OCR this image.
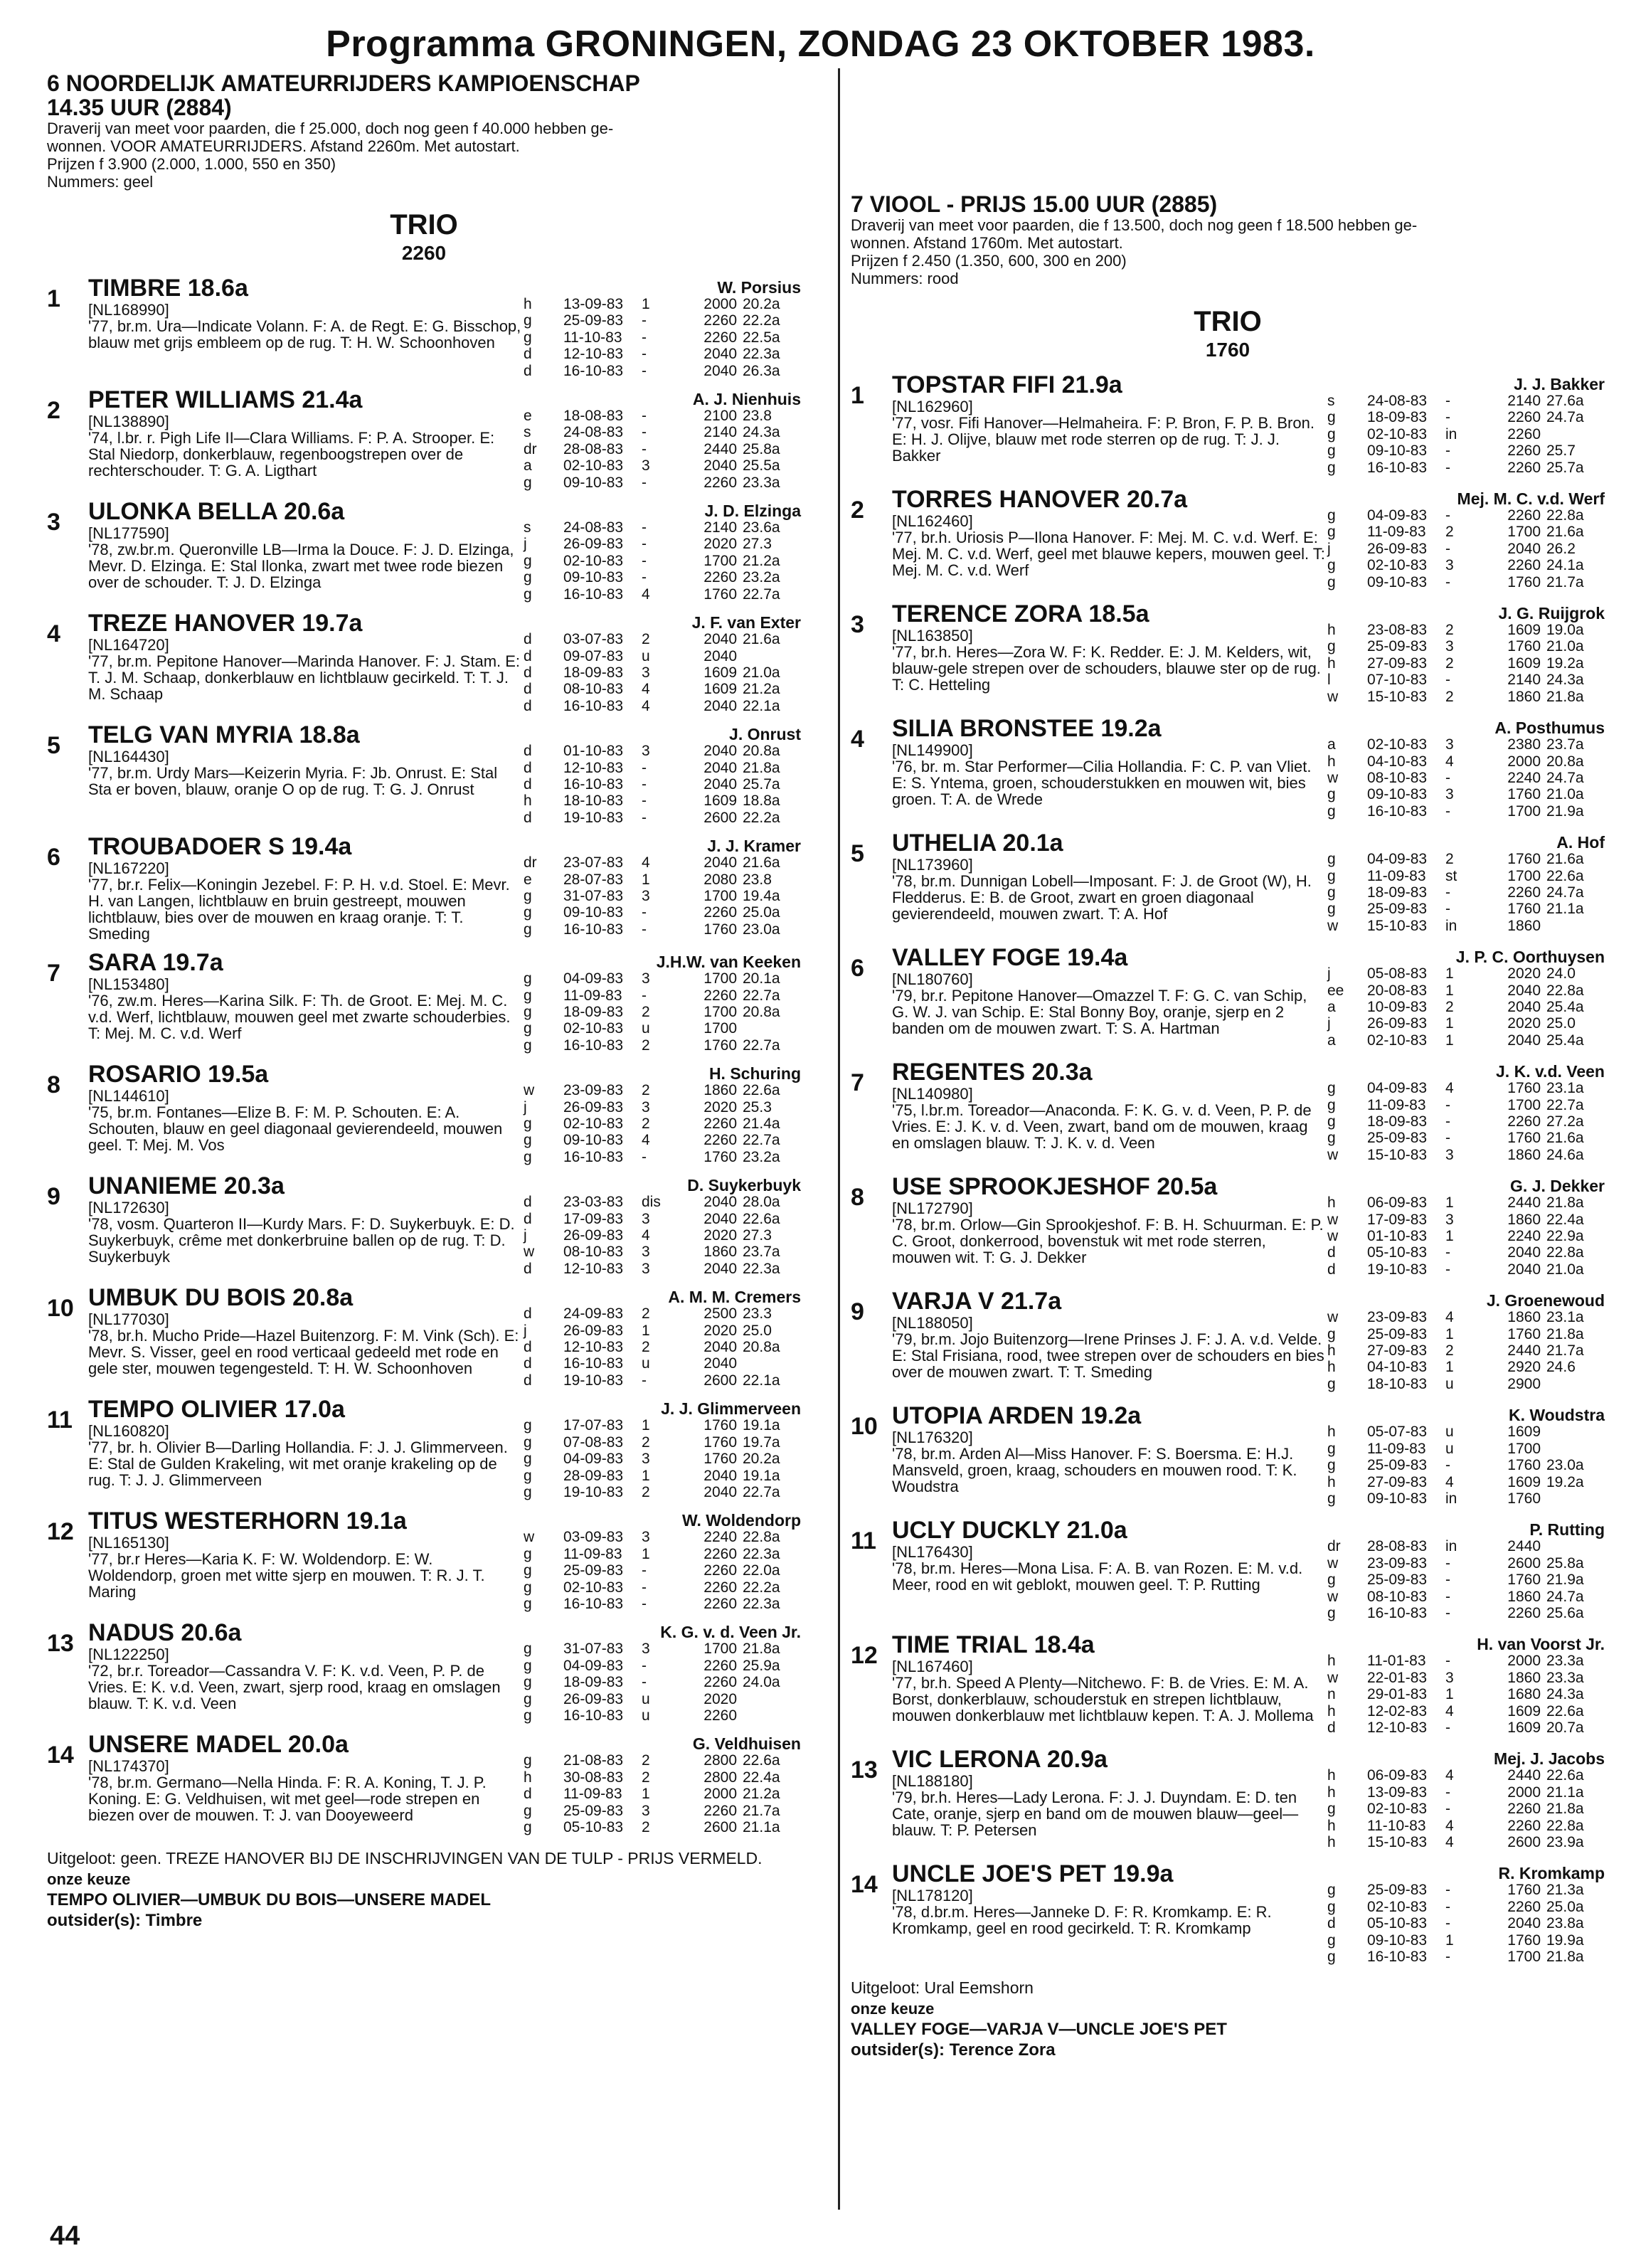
Programma GRONINGEN, ZONDAG 23 OKTOBER 1983.
6 NOORDELIJK AMATEURRIJDERS KAMPIOENSCHAP
14.35 UUR (2884)
Draverij van meet voor paarden, die f 25.000, doch nog geen f 40.000 hebben ge-
wonnen. VOOR AMATEURRIJDERS. Afstand 2260m. Met autostart.
Prijzen f 3.900 (2.000, 1.000, 550 en 350)
Nummers: geel
TRIO
2260
1	TIMBRE 18.6a
[NL168990]
'77, br.m. Ura—Indicate Volann. F: A. de Regt. E: G. Bisschop, blauw met grijs embleem op de rug. T: H. W. Schoonhoven
W. Porsius
h	13-09-83	1	2000 20.2a
g	25-09-83	-	2260 22.2a
g	11-10-83	-	2260 22.5a
d	12-10-83	-	2040 22.3a
d	16-10-83	-	2040 26.3a
2	PETER WILLIAMS 21.4a
[NL138890]
'74, l.br. r. Pigh Life II—Clara Williams. F: P. A. Strooper. E: Stal Niedorp, donkerblauw, regenboogstrepen over de rechterschouder. T: G. A. Ligthart
A. J. Nienhuis
e	18-08-83	-	2100 23.8
s	24-08-83	-	2140 24.3a
dr	28-08-83	-	2440 25.8a
a	02-10-83	3	2040 25.5a
g	09-10-83	-	2260 23.3a
3	ULONKA BELLA 20.6a
[NL177590]
'78, zw.br.m. Queronville LB—Irma la Douce. F: J. D. Elzinga, Mevr. D. Elzinga. E: Stal Ilonka, zwart met twee rode biezen over de schouder. T: J. D. Elzinga
J. D. Elzinga
s	24-08-83	-	2140 23.6a
j	26-09-83	-	2020 27.3
g	02-10-83	-	1700 21.2a
g	09-10-83	-	2260 23.2a
g	16-10-83	4	1760 22.7a
4	TREZE HANOVER 19.7a
[NL164720]
'77, br.m. Pepitone Hanover—Marinda Hanover. F: J. Stam. E: T. J. M. Schaap, donkerblauw en lichtblauw gecirkeld. T: T. J. M. Schaap
J. F. van Exter
d	03-07-83	2	2040 21.6a
d	09-07-83	u	2040
d	18-09-83	3	1609 21.0a
d	08-10-83	4	1609 21.2a
d	16-10-83	4	2040 22.1a
5	TELG VAN MYRIA 18.8a
[NL164430]
'77, br.m. Urdy Mars—Keizerin Myria. F: Jb. Onrust. E: Stal Sta er boven, blauw, oranje O op de rug. T: G. J. Onrust
J. Onrust
d	01-10-83	3	2040 20.8a
d	12-10-83	-	2040 21.8a
d	16-10-83	-	2040 25.7a
h	18-10-83	-	1609 18.8a
d	19-10-83	-	2600 22.2a
6	TROUBADOER S 19.4a
[NL167220]
'77, br.r. Felix—Koningin Jezebel. F: P. H. v.d. Stoel. E: Mevr. H. van Langen, lichtblauw en bruin gestreept, mouwen lichtblauw, bies over de mouwen en kraag oranje. T: T. Smeding
J. J. Kramer
dr	23-07-83	4	2040 21.6a
e	28-07-83	1	2080 23.8
g	31-07-83	3	1700 19.4a
g	09-10-83	-	2260 25.0a
g	16-10-83	-	1760 23.0a
7	SARA 19.7a
[NL153480]
'76, zw.m. Heres—Karina Silk. F: Th. de Groot. E: Mej. M. C. v.d. Werf, lichtblauw, mouwen geel met zwarte schouderbies. T: Mej. M. C. v.d. Werf
J.H.W. van Keeken
g	04-09-83	3	1700 20.1a
g	11-09-83	-	2260 22.7a
g	18-09-83	2	1700 20.8a
g	02-10-83	u	1700
g	16-10-83	2	1760 22.7a
8	ROSARIO 19.5a
[NL144610]
'75, br.m. Fontanes—Elize B. F: M. P. Schouten. E: A. Schouten, blauw en geel diagonaal gevierendeeld, mouwen geel. T: Mej. M. Vos
H. Schuring
w	23-09-83	2	1860 22.6a
j	26-09-83	3	2020 25.3
g	02-10-83	2	2260 21.4a
g	09-10-83	4	2260 22.7a
g	16-10-83	-	1760 23.2a
9	UNANIEME 20.3a
[NL172630]
'78, vosm. Quarteron II—Kurdy Mars. F: D. Suykerbuyk. E: D. Suykerbuyk, crême met donkerbruine ballen op de rug. T: D. Suykerbuyk
D. Suykerbuyk
d	23-03-83	dis	2040 28.0a
d	17-09-83	3	2040 22.6a
j	26-09-83	4	2020 27.3
w	08-10-83	3	1860 23.7a
d	12-10-83	3	2040 22.3a
10 UMBUK DU BOIS 20.8a
[NL177030]
'78, br.h. Mucho Pride—Hazel Buitenzorg. F: M. Vink (Sch). E: Mevr. S. Visser, geel en rood verticaal gedeeld met rode en gele ster, mouwen tegengesteld. T: H. W. Schoonhoven
A. M. M. Cremers
d	24-09-83	2	2500 23.3
j	26-09-83	1	2020 25.0
d	12-10-83	2	2040 20.8a
d	16-10-83	u	2040
d	19-10-83	-	2600 22.1a
11 TEMPO OLIVIER 17.0a
[NL160820]
'77, br. h. Olivier B—Darling Hollandia. F: J. J. Glimmerveen. E: Stal de Gulden Krakeling, wit met oranje krakeling op de rug. T: J. J. Glimmerveen
J. J. Glimmerveen
g	17-07-83	1	1760 19.1a
g	07-08-83	2	1760 19.7a
g	04-09-83	3	1760 20.2a
g	28-09-83	1	2040 19.1a
g	19-10-83	2	2040 22.7a
12 TITUS WESTERHORN 19.1a
[NL165130]
'77, br.r Heres—Karia K. F: W. Woldendorp. E: W. Woldendorp, groen met witte sjerp en mouwen. T: R. J. T. Maring
W. Woldendorp
w	03-09-83	3	2240 22.8a
g	11-09-83	1	2260 22.3a
g	25-09-83	-	2260 22.0a
g	02-10-83	-	2260 22.2a
g	16-10-83	-	2260 22.3a
13 NADUS 20.6a
[NL122250]
'72, br.r. Toreador—Cassandra V. F: K. v.d. Veen, P. P. de Vries. E: K. v.d. Veen, zwart, sjerp rood, kraag en omslagen blauw. T: K. v.d. Veen
K. G. v. d. Veen Jr.
g	31-07-83	3	1700 21.8a
g	04-09-83	-	2260 25.9a
g	18-09-83	-	2260 24.0a
g	26-09-83	u	2020
g	16-10-83	u	2260
14 UNSERE MADEL 20.0a
[NL174370]
'78, br.m. Germano—Nella Hinda. F: R. A. Koning, T. J. P. Koning. E: G. Veldhuisen, wit met geel—rode strepen en biezen over de mouwen. T: J. van Dooyeweerd
G. Veldhuisen
g	21-08-83	2	2800 22.6a
h	30-08-83	2	2800 22.4a
d	11-09-83	1	2000 21.2a
g	25-09-83	3	2260 21.7a
g	05-10-83	2	2600 21.1a
Uitgeloot: geen. TREZE HANOVER BIJ DE INSCHRIJVINGEN VAN DE TULP - PRIJS VERMELD.
onze keuze
TEMPO OLIVIER—UMBUK DU BOIS—UNSERE MADEL
outsider(s): Timbre
7 VIOOL - PRIJS 15.00 UUR (2885)
Draverij van meet voor paarden, die f 13.500, doch nog geen f 18.500 hebben ge-
wonnen. Afstand 1760m. Met autostart.
Prijzen f 2.450 (1.350, 600, 300 en 200)
Nummers: rood
TRIO
1760
1	TOPSTAR FIFI 21.9a
[NL162960]
'77, vosr. Fifi Hanover—Helmaheira. F: P. Bron, F. P. B. Bron. E: H. J. Olijve, blauw met rode sterren op de rug. T: J. J. Bakker
J. J. Bakker
s	24-08-83	-	2140 27.6a
g	18-09-83	-	2260 24.7a
g	02-10-83	in	2260
g	09-10-83	-	2260 25.7
g	16-10-83	-	2260 25.7a
2	TORRES HANOVER 20.7a
[NL162460]
'77, br.h. Uriosis P—Ilona Hanover. F: Mej. M. C. v.d. Werf. E: Mej. M. C. v.d. Werf, geel met blauwe kepers, mouwen geel. T: Mej. M. C. v.d. Werf
Mej. M. C. v.d. Werf
g	04-09-83	-	2260 22.8a
g	11-09-83	2	1700 21.6a
j	26-09-83	-	2040 26.2
g	02-10-83	3	2260 24.1a
g	09-10-83	-	1760 21.7a
3	TERENCE ZORA 18.5a
[NL163850]
'77, br.h. Heres—Zora W. F: K. Redder. E: J. M. Kelders, wit, blauw-gele strepen over de schouders, blauwe ster op de rug. T: C. Hetteling
J. G. Ruijgrok
h	23-08-83	2	1609 19.0a
g	25-09-83	3	1760 21.0a
h	27-09-83	2	1609 19.2a
l	07-10-83	-	2140 24.3a
w	15-10-83	2	1860 21.8a
4	SILIA BRONSTEE 19.2a
[NL149900]
'76, br. m. Star Performer—Cilia Hollandia. F: C. P. van Vliet. E: S. Yntema, groen, schouderstukken en mouwen wit, bies groen. T: A. de Wrede
A. Posthumus
a	02-10-83	3	2380 23.7a
h	04-10-83	4	2000 20.8a
w	08-10-83	-	2240 24.7a
g	09-10-83	3	1760 21.0a
g	16-10-83	-	1700 21.9a
5	UTHELIA 20.1a
[NL173960]
'78, br.m. Dunnigan Lobell—Imposant. F: J. de Groot (W), H. Fledderus. E: B. de Groot, zwart en groen diagonaal gevierendeeld, mouwen zwart. T: A. Hof
A. Hof
g	04-09-83	2	1760 21.6a
g	11-09-83	st	1700 22.6a
g	18-09-83	-	2260 24.7a
g	25-09-83	-	1760 21.1a
w	15-10-83	in	1860
6	VALLEY FOGE 19.4a
[NL180760]
'79, br.r. Pepitone Hanover—Omazzel T. F: G. C. van Schip, G. W. J. van Schip. E: Stal Bonny Boy, oranje, sjerp en 2 banden om de mouwen zwart. T: S. A. Hartman
J. P. C. Oorthuysen
j	05-08-83	1	2020 24.0
ee	20-08-83	1	2040 22.8a
a	10-09-83	2	2040 25.4a
j	26-09-83	1	2020 25.0
a	02-10-83	1	2040 25.4a
7	REGENTES 20.3a
[NL140980]
'75, l.br.m. Toreador—Anaconda. F: K. G. v. d. Veen, P. P. de Vries. E: J. K. v. d. Veen, zwart, band om de mouwen, kraag en omslagen blauw. T: J. K. v. d. Veen
J. K. v.d. Veen
g	04-09-83	4	1760 23.1a
g	11-09-83	-	1700 22.7a
g	18-09-83	-	2260 27.2a
g	25-09-83	-	1760 21.6a
w	15-10-83	3	1860 24.6a
8	USE SPROOKJESHOF 20.5a
[NL172790]
'78, br.m. Orlow—Gin Sprookjeshof. F: B. H. Schuurman. E: P. C. Groot, donkerrood, bovenstuk wit met rode sterren, mouwen wit. T: G. J. Dekker
G. J. Dekker
h	06-09-83	1	2440 21.8a
w	17-09-83	3	1860 22.4a
w	01-10-83	1	2240 22.9a
d	05-10-83	-	2040 22.8a
d	19-10-83	-	2040 21.0a
9	VARJA V 21.7a
[NL188050]
'79, br.m. Jojo Buitenzorg—Irene Prinses J. F: J. A. v.d. Velde. E: Stal Frisiana, rood, twee strepen over de schouders en bies over de mouwen zwart. T: T. Smeding
J. Groenewoud
w	23-09-83	4	1860 23.1a
g	25-09-83	1	1760 21.8a
h	27-09-83	2	2440 21.7a
h	04-10-83	1	2920 24.6
g	18-10-83	u	2900
10 UTOPIA ARDEN 19.2a
[NL176320]
'78, br.m. Arden Al—Miss Hanover. F: S. Boersma. E: H.J. Mansveld, groen, kraag, schouders en mouwen rood. T: K. Woudstra
K. Woudstra
h	05-07-83	u	1609
g	11-09-83	u	1700
g	25-09-83	-	1760 23.0a
h	27-09-83	4	1609 19.2a
g	09-10-83	in	1760
11 UCLY DUCKLY 21.0a
[NL176430]
'78, br.m. Heres—Mona Lisa. F: A. B. van Rozen. E: M. v.d. Meer, rood en wit geblokt, mouwen geel. T: P. Rutting
P. Rutting
dr	28-08-83	in	2440
w	23-09-83	-	2600 25.8a
g	25-09-83	-	1760 21.9a
w	08-10-83	-	1860 24.7a
g	16-10-83	-	2260 25.6a
12 TIME TRIAL 18.4a
[NL167460]
'77, br.h. Speed A Plenty—Nitchewo. F: B. de Vries. E: M. A. Borst, donkerblauw, schouderstuk en strepen lichtblauw, mouwen donkerblauw met lichtblauw kepen. T: A. J. Mollema
H. van Voorst Jr.
h	11-01-83	-	2000 23.3a
w	22-01-83	3	1860 23.3a
n	29-01-83	1	1680 24.3a
h	12-02-83	4	1609 22.6a
d	12-10-83	-	1609 20.7a
13 VIC LERONA 20.9a
[NL188180]
'79, br.h. Heres—Lady Lerona. F: J. J. Duyndam. E: D. ten Cate, oranje, sjerp en band om de mouwen blauw—geel—blauw. T: P. Petersen
Mej. J. Jacobs
h	06-09-83	4	2440 22.6a
h	13-09-83	-	2000 21.1a
g	02-10-83	-	2260 21.8a
h	11-10-83	4	2260 22.8a
h	15-10-83	4	2600 23.9a
14 UNCLE JOE'S PET 19.9a
[NL178120]
'78, d.br.m. Heres—Janneke D. F: R. Kromkamp. E: R. Kromkamp, geel en rood gecirkeld. T: R. Kromkamp
R. Kromkamp
g	25-09-83	-	1760 21.3a
g	02-10-83	-	2260 25.0a
d	05-10-83	-	2040 23.8a
g	09-10-83	1	1760 19.9a
g	16-10-83	-	1700 21.8a
Uitgeloot: Ural Eemshorn
onze keuze
VALLEY FOGE—VARJA V—UNCLE JOE'S PET
outsider(s): Terence Zora
44
